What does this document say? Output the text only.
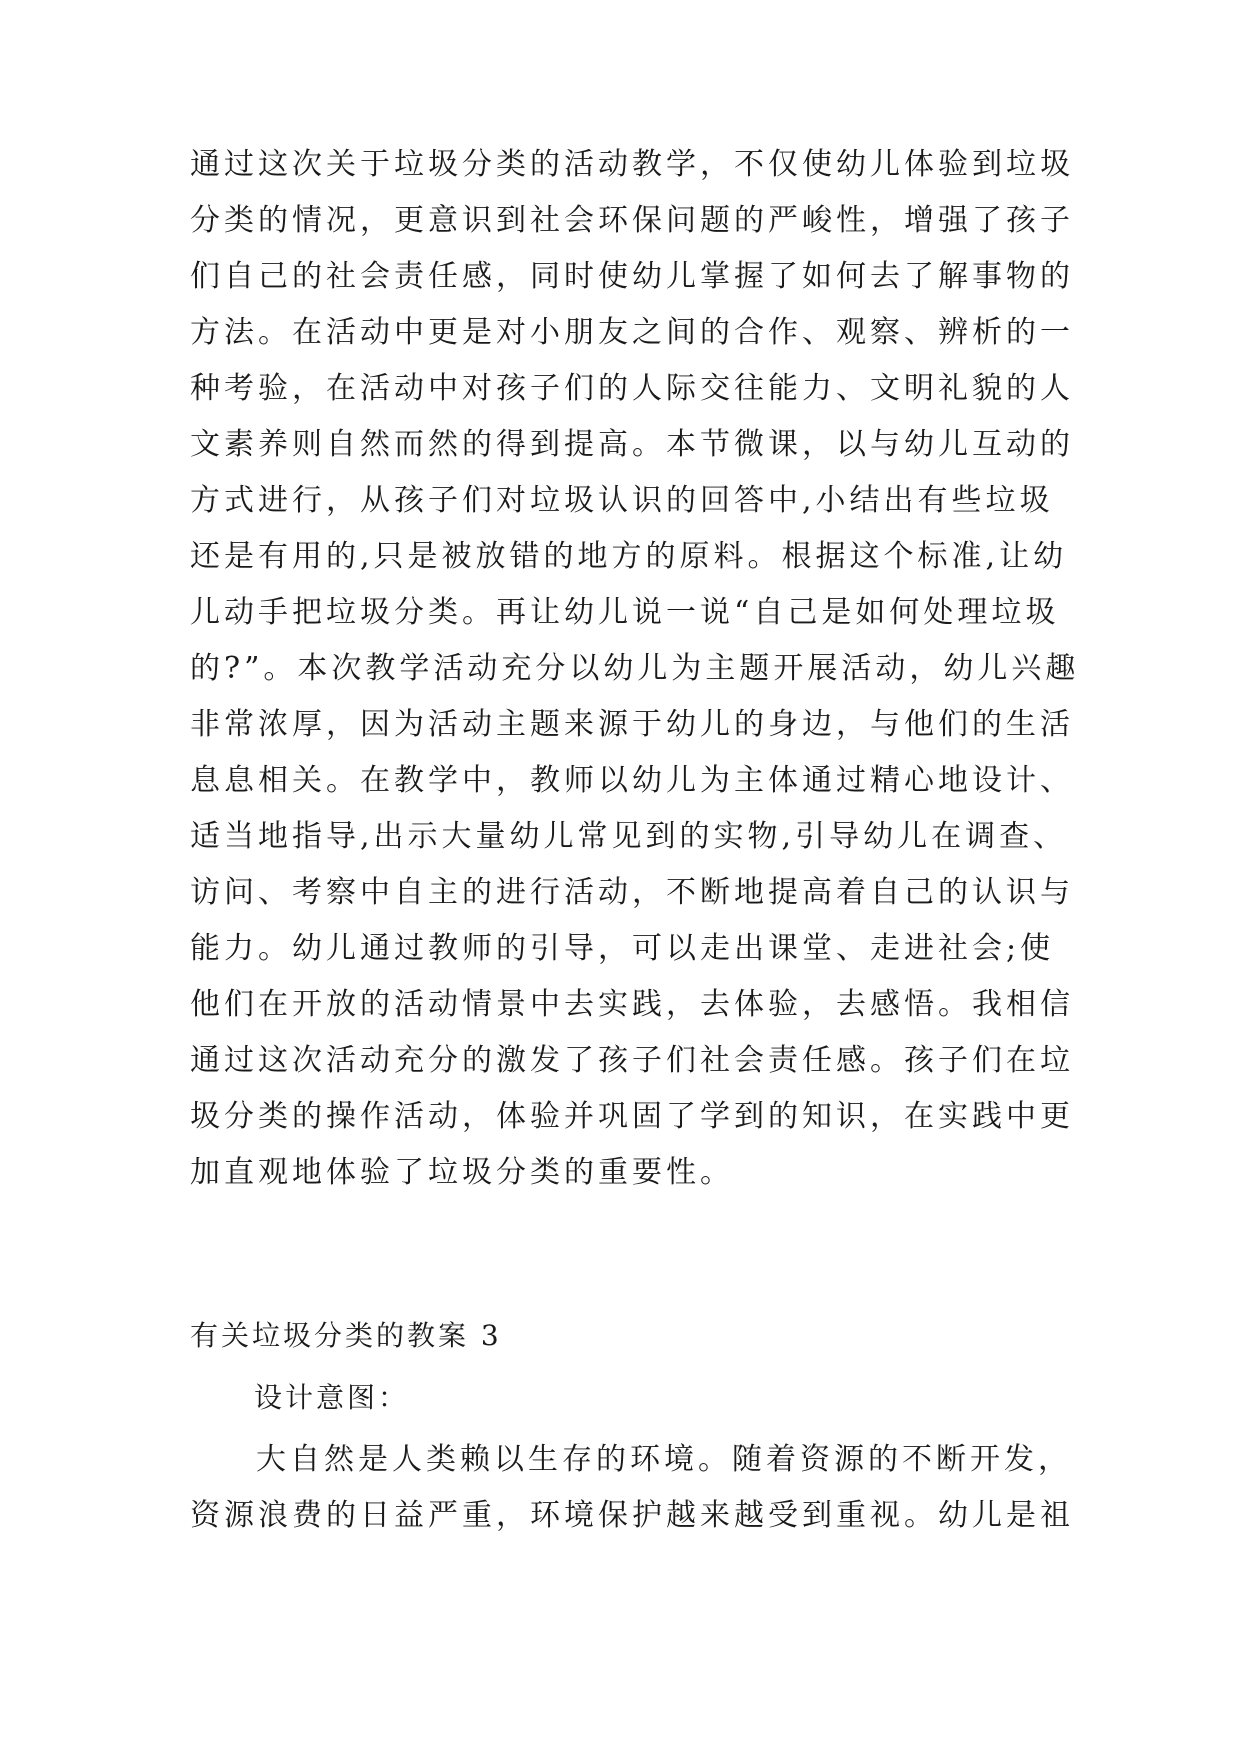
通过这次关于垃圾分类的活动教学，不仅使幼儿体验到垃圾
分类的情况，更意识到社会环保问题的严峻性，增强了孩子
们自己的社会责任感，同时使幼儿掌握了如何去了解事物的
方法。在活动中更是对小朋友之间的合作、观察、辨析的一
种考验，在活动中对孩子们的人际交往能力、文明礼貌的人
文素养则自然而然的得到提高。本节微课，以与幼儿互动的
方式进行，从孩子们对垃圾认识的回答中,小结出有些垃圾
还是有用的,只是被放错的地方的原料。根据这个标准,让幼
儿动手把垃圾分类。再让幼儿说一说“自己是如何处理垃圾
的?”。本次教学活动充分以幼儿为主题开展活动，幼儿兴趣
非常浓厚，因为活动主题来源于幼儿的身边，与他们的生活
息息相关。在教学中，教师以幼儿为主体通过精心地设计、
适当地指导,出示大量幼儿常见到的实物,引导幼儿在调查、
访问、考察中自主的进行活动，不断地提高着自己的认识与
能力。幼儿通过教师的引导，可以走出课堂、走进社会;使
他们在开放的活动情景中去实践，去体验，去感悟。我相信
通过这次活动充分的激发了孩子们社会责任感。孩子们在垃
圾分类的操作活动，体验并巩固了学到的知识，在实践中更
加直观地体验了垃圾分类的重要性。
有关垃圾分类的教案 3
设计意图：
大自然是人类赖以生存的环境。随着资源的不断开发，
资源浪费的日益严重，环境保护越来越受到重视。幼儿是祖
